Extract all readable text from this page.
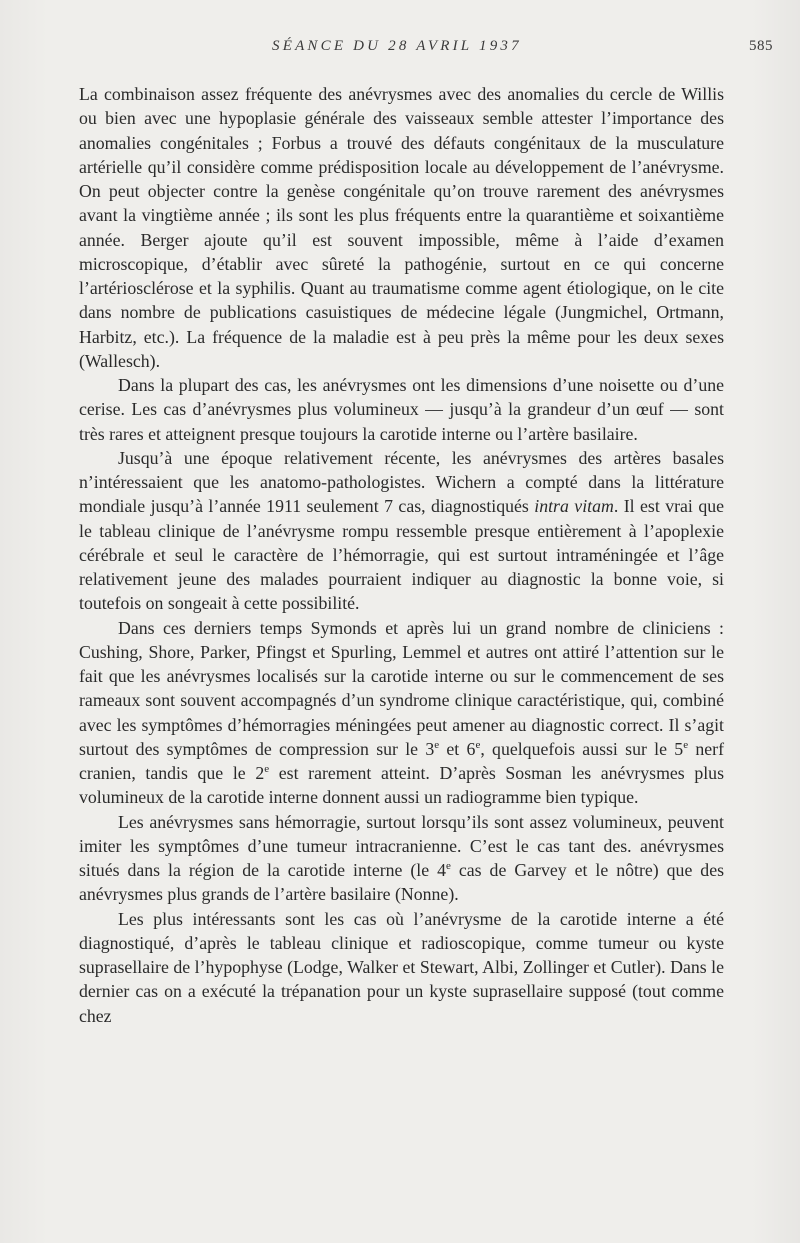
SÉANCE DU 28 AVRIL 1937	585

La combinaison assez fréquente des anévrysmes avec des anomalies du cercle de Willis ou bien avec une hypoplasie générale des vaisseaux semble attester l’importance des anomalies congénitales ; Forbus a trouvé des défauts congénitaux de la musculature artérielle qu’il considère comme prédisposition locale au développement de l’anévrysme. On peut objecter contre la genèse congénitale qu’on trouve rarement des anévrysmes avant la vingtième année ; ils sont les plus fréquents entre la quarantième et soixantième année. Berger ajoute qu’il est souvent impossible, même à l’aide d’examen microscopique, d’établir avec sûreté la pathogénie, surtout en ce qui concerne l’artériosclérose et la syphilis. Quant au traumatisme comme agent étiologique, on le cite dans nombre de publications casuistiques de médecine légale (Jungmichel, Ortmann, Harbitz, etc.). La fréquence de la maladie est à peu près la même pour les deux sexes (Wallesch).

Dans la plupart des cas, les anévrysmes ont les dimensions d’une noisette ou d’une cerise. Les cas d’anévrysmes plus volumineux — jusqu’à la grandeur d’un œuf — sont très rares et atteignent presque toujours la carotide interne ou l’artère basilaire.

Jusqu’à une époque relativement récente, les anévrysmes des artères basales n’intéressaient que les anatomo-pathologistes. Wichern a compté dans la littérature mondiale jusqu’à l’année 1911 seulement 7 cas, diagnostiqués intra vitam. Il est vrai que le tableau clinique de l’anévrysme rompu ressemble presque entièrement à l’apoplexie cérébrale et seul le caractère de l’hémorragie, qui est surtout intraméningée et l’âge relativement jeune des malades pourraient indiquer au diagnostic la bonne voie, si toutefois on songeait à cette possibilité.

Dans ces derniers temps Symonds et après lui un grand nombre de cliniciens : Cushing, Shore, Parker, Pfingst et Spurling, Lemmel et autres ont attiré l’attention sur le fait que les anévrysmes localisés sur la carotide interne ou sur le commencement de ses rameaux sont souvent accompagnés d’un syndrome clinique caractéristique, qui, combiné avec les symptômes d’hémorragies méningées peut amener au diagnostic correct. Il s’agit surtout des symptômes de compression sur le 3e et 6e, quelquefois aussi sur le 5e nerf cranien, tandis que le 2e est rarement atteint. D’après Sosman les anévrysmes plus volumineux de la carotide interne donnent aussi un radiogramme bien typique.

Les anévrysmes sans hémorragie, surtout lorsqu’ils sont assez volumineux, peuvent imiter les symptômes d’une tumeur intracranienne. C’est le cas tant des. anévrysmes situés dans la région de la carotide interne (le 4e cas de Garvey et le nôtre) que des anévrysmes plus grands de l’artère basilaire (Nonne).

Les plus intéressants sont les cas où l’anévrysme de la carotide interne a été diagnostiqué, d’après le tableau clinique et radioscopique, comme tumeur ou kyste suprasellaire de l’hypophyse (Lodge, Walker et Stewart, Albi, Zollinger et Cutler). Dans le dernier cas on a exécuté la trépanation pour un kyste suprasellaire supposé (tout comme chez
